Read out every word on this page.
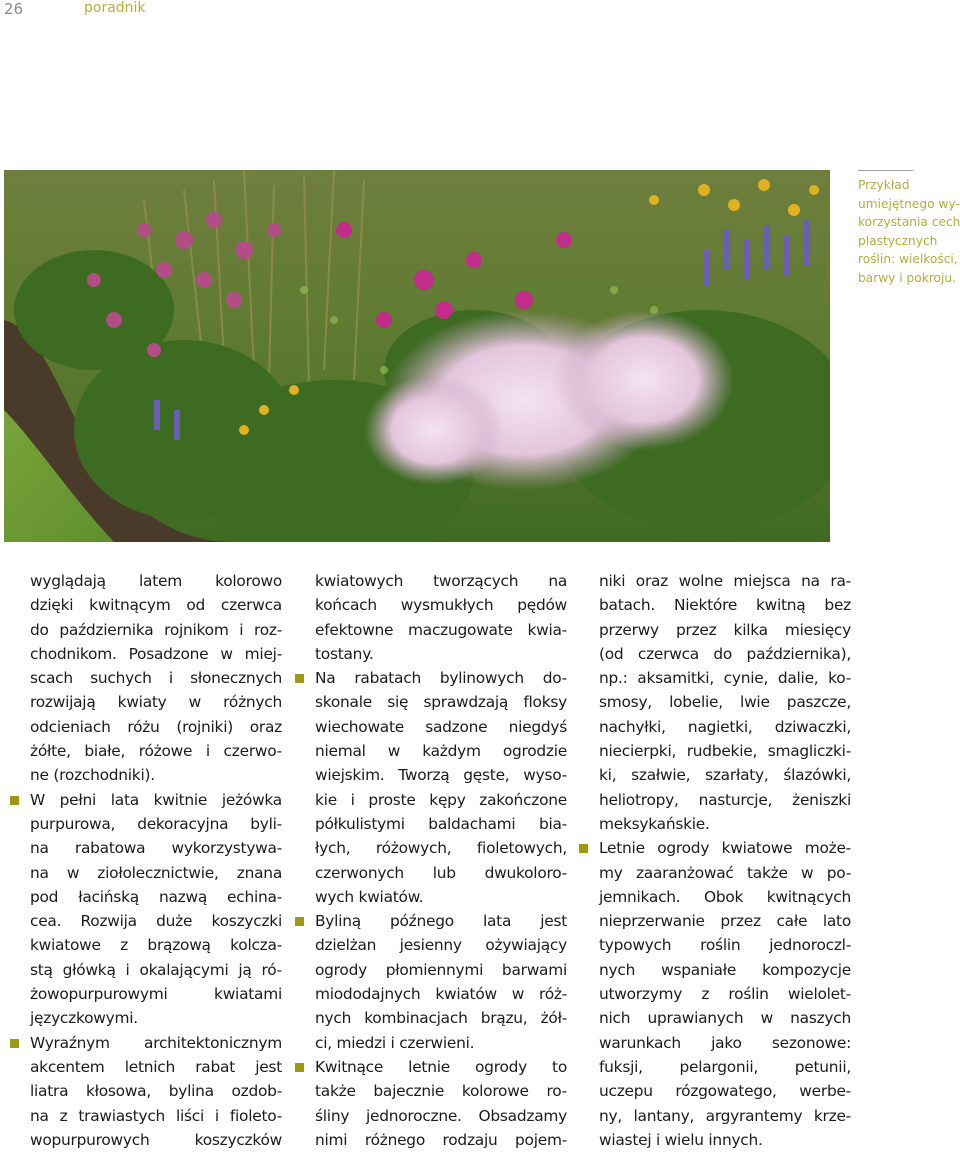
26	poradnik
Przykład
umiejętnego wy-
korzystania cech
plastycznych
roślin: wielkości,
barwy i pokroju.
wyglądają latem kolorowo
dzięki kwitnącym od czerwca
do października rojnikom i roz-
chodnikom. Posadzone w miej-
scach suchych i słonecznych
rozwijają kwiaty w różnych
odcieniach różu (rojniki) oraz
żółte, białe, różowe i czerwo-
ne (rozchodniki).
W pełni lata kwitnie jeżówka
purpurowa, dekoracyjna byli-
na rabatowa wykorzystywa-
na w ziołolecznictwie, znana
pod łacińską nazwą echina-
cea. Rozwija duże koszyczki
kwiatowe z brązową kolcza-
stą główką i okalającymi ją ró-
żowopurpurowymi kwiatami
języczkowymi.
Wyraźnym architektonicznym
akcentem letnich rabat jest
liatra kłosowa, bylina ozdob-
na z trawiastych liści i fioleto-
wopurpurowych koszyczków
kwiatowych tworzących na
końcach wysmukłych pędów
efektowne maczugowate kwia-
tostany.
Na rabatach bylinowych do-
skonale się sprawdzają floksy
wiechowate sadzone niegdyś
niemal w każdym ogrodzie
wiejskim. Tworzą gęste, wyso-
kie i proste kępy zakończone
półkulistymi baldachami bia-
łych, różowych, fioletowych,
czerwonych lub dwukoloro-
wych kwiatów.
Byliną późnego lata jest
dzielżan jesienny ożywiający
ogrody płomiennymi barwami
miododajnych kwiatów w róż-
nych kombinacjach brązu, żół-
ci, miedzi i czerwieni.
Kwitnące letnie ogrody to
także bajecznie kolorowe ro-
śliny jednoroczne. Obsadzamy
nimi różnego rodzaju pojem-
niki oraz wolne miejsca na ra-
batach. Niektóre kwitną bez
przerwy przez kilka miesięcy
(od czerwca do października),
np.: aksamitki, cynie, dalie, ko-
smosy, lobelie, lwie paszcze,
nachyłki, nagietki, dziwaczki,
niecierpki, rudbekie, smagliczki-
ki, szałwie, szarłaty, ślazówki,
heliotropy, nasturcje, żeniszki
meksykańskie.
Letnie ogrody kwiatowe może-
my zaaranżować także w po-
jemnikach. Obok kwitnących
nieprzerwanie przez całe lato
typowych roślin jednoroczl-
nych wspaniałe kompozycje
utworzymy z roślin wielolet-
nich uprawianych w naszych
warunkach jako sezonowe:
fuksji, pelargonii, petunii,
uczepu rózgowatego, werbe-
ny, lantany, argyrantemy krze-
wiastej i wielu innych.
